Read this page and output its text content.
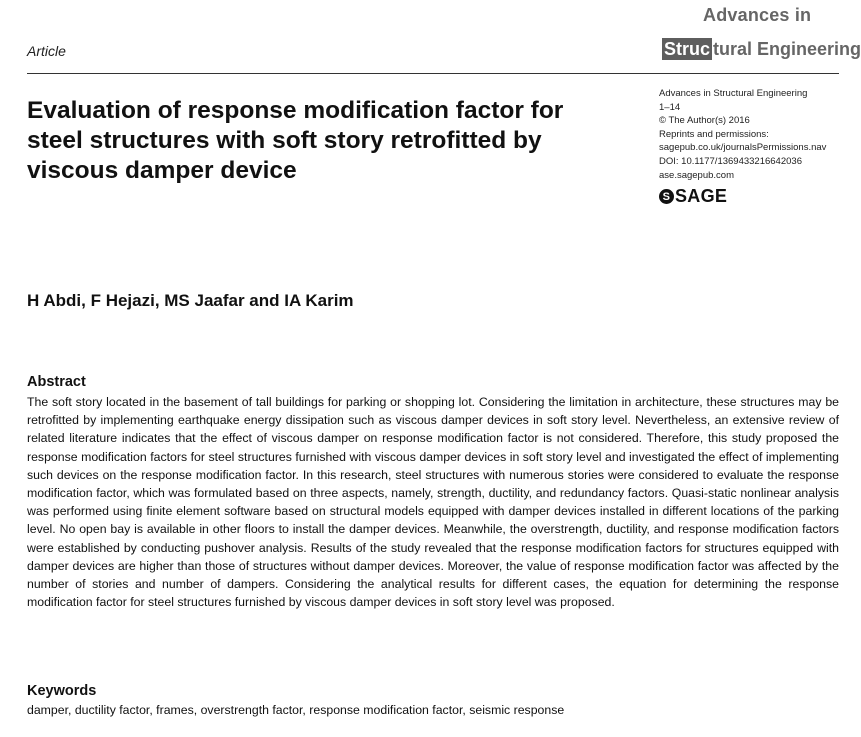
Article
Advances in
Struc tural Engineering
Advances in Structural Engineering
1–14
© The Author(s) 2016
Reprints and permissions:
sagepub.co.uk/journalsPermissions.nav
DOI: 10.1177/1369433216642036
ase.sagepub.com
S SAGE
Evaluation of response modification factor for steel structures with soft story retrofitted by viscous damper device
H Abdi, F Hejazi, MS Jaafar and IA Karim
Abstract

The soft story located in the basement of tall buildings for parking or shopping lot. Considering the limitation in architecture, these structures may be retrofitted by implementing earthquake energy dissipation such as viscous damper devices in soft story level. Nevertheless, an extensive review of related literature indicates that the effect of viscous damper on response modification factor is not considered. Therefore, this study proposed the response modification factors for steel structures furnished with viscous damper devices in soft story level and investigated the effect of implementing such devices on the response modification factor. In this research, steel structures with numerous stories were considered to evaluate the response modification factor, which was formulated based on three aspects, namely, strength, ductility, and redundancy factors. Quasi-static nonlinear analysis was performed using finite element software based on structural models equipped with damper devices installed in different locations of the parking level. No open bay is available in other floors to install the damper devices. Meanwhile, the overstrength, ductility, and response modification factors were established by conducting pushover analysis. Results of the study revealed that the response modification factors for structures equipped with damper devices are higher than those of structures without damper devices. Moreover, the value of response modification factor was affected by the number of stories and number of dampers. Considering the analytical results for different cases, the equation for determining the response modification factor for steel structures furnished by viscous damper devices in soft story level was proposed.

Keywords
damper, ductility factor, frames, overstrength factor, response modification factor, seismic response
